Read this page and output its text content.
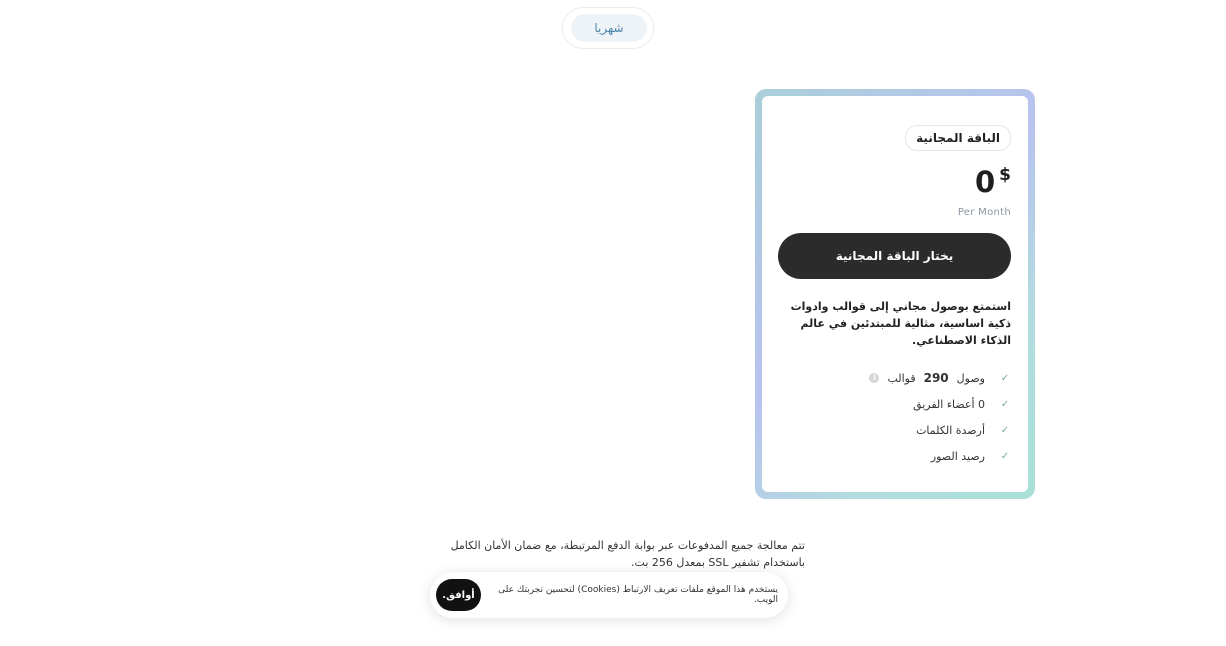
شهريا
الباقة المجانية
0 $
Per Month
يختار الباقة المجانية

استمتع بوصول مجاني إلى قوالب وادوات ذكية اساسية، مثالية للمبتدئين في عالم الذكاء الاصطناعي.

✓
وصول
290
قوالب
i
✓
0 أعضاء الفريق
✓
أرصدة الكلمات
✓
رصيد الصور

تتم معالجة جميع المدفوعات عبر بوابة الدفع المرتبطة، مع ضمان الأمان الكامل باستخدام تشفير SSL بمعدل 256 بت.

يستخدم هذا الموقع ملفات تعريف الارتباط (Cookies) لتحسين تجربتك على الويب.
أوافق.
